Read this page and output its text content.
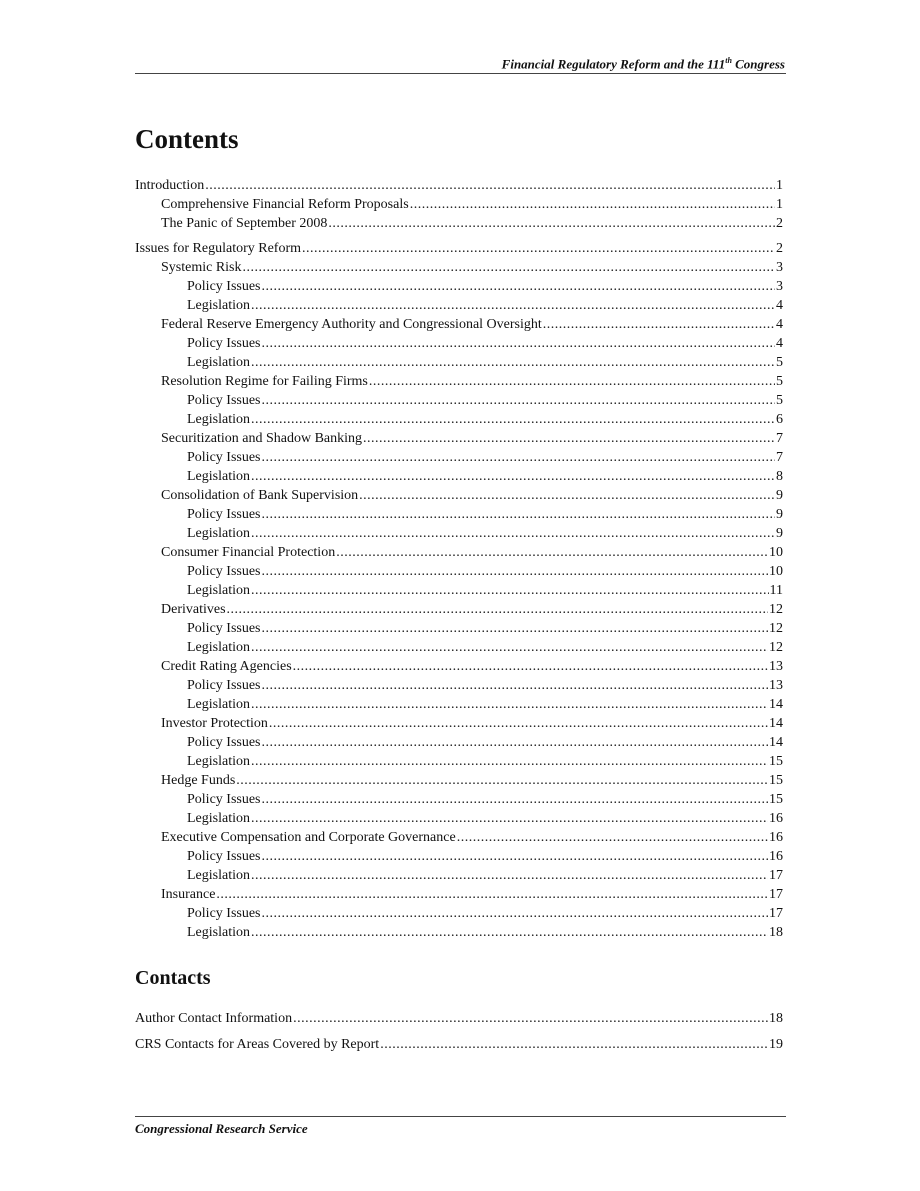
Financial Regulatory Reform and the 111th Congress
Contents
Introduction .....	1
Comprehensive Financial Reform Proposals .....	1
The Panic of September 2008 .....	2
Issues for Regulatory Reform .....	2
Systemic Risk .....	3
Policy Issues .....	3
Legislation .....	4
Federal Reserve Emergency Authority and Congressional Oversight .....	4
Policy Issues .....	4
Legislation .....	5
Resolution Regime for Failing Firms .....	5
Policy Issues .....	5
Legislation .....	6
Securitization and Shadow Banking .....	7
Policy Issues .....	7
Legislation .....	8
Consolidation of Bank Supervision .....	9
Policy Issues .....	9
Legislation .....	9
Consumer Financial Protection .....	10
Policy Issues .....	10
Legislation .....	11
Derivatives .....	12
Policy Issues .....	12
Legislation .....	12
Credit Rating Agencies .....	13
Policy Issues .....	13
Legislation .....	14
Investor Protection .....	14
Policy Issues .....	14
Legislation .....	15
Hedge Funds .....	15
Policy Issues .....	15
Legislation .....	16
Executive Compensation and Corporate Governance .....	16
Policy Issues .....	16
Legislation .....	17
Insurance .....	17
Policy Issues .....	17
Legislation .....	18
Contacts
Author Contact Information .....	18
CRS Contacts for Areas Covered by Report .....	19
Congressional Research Service
